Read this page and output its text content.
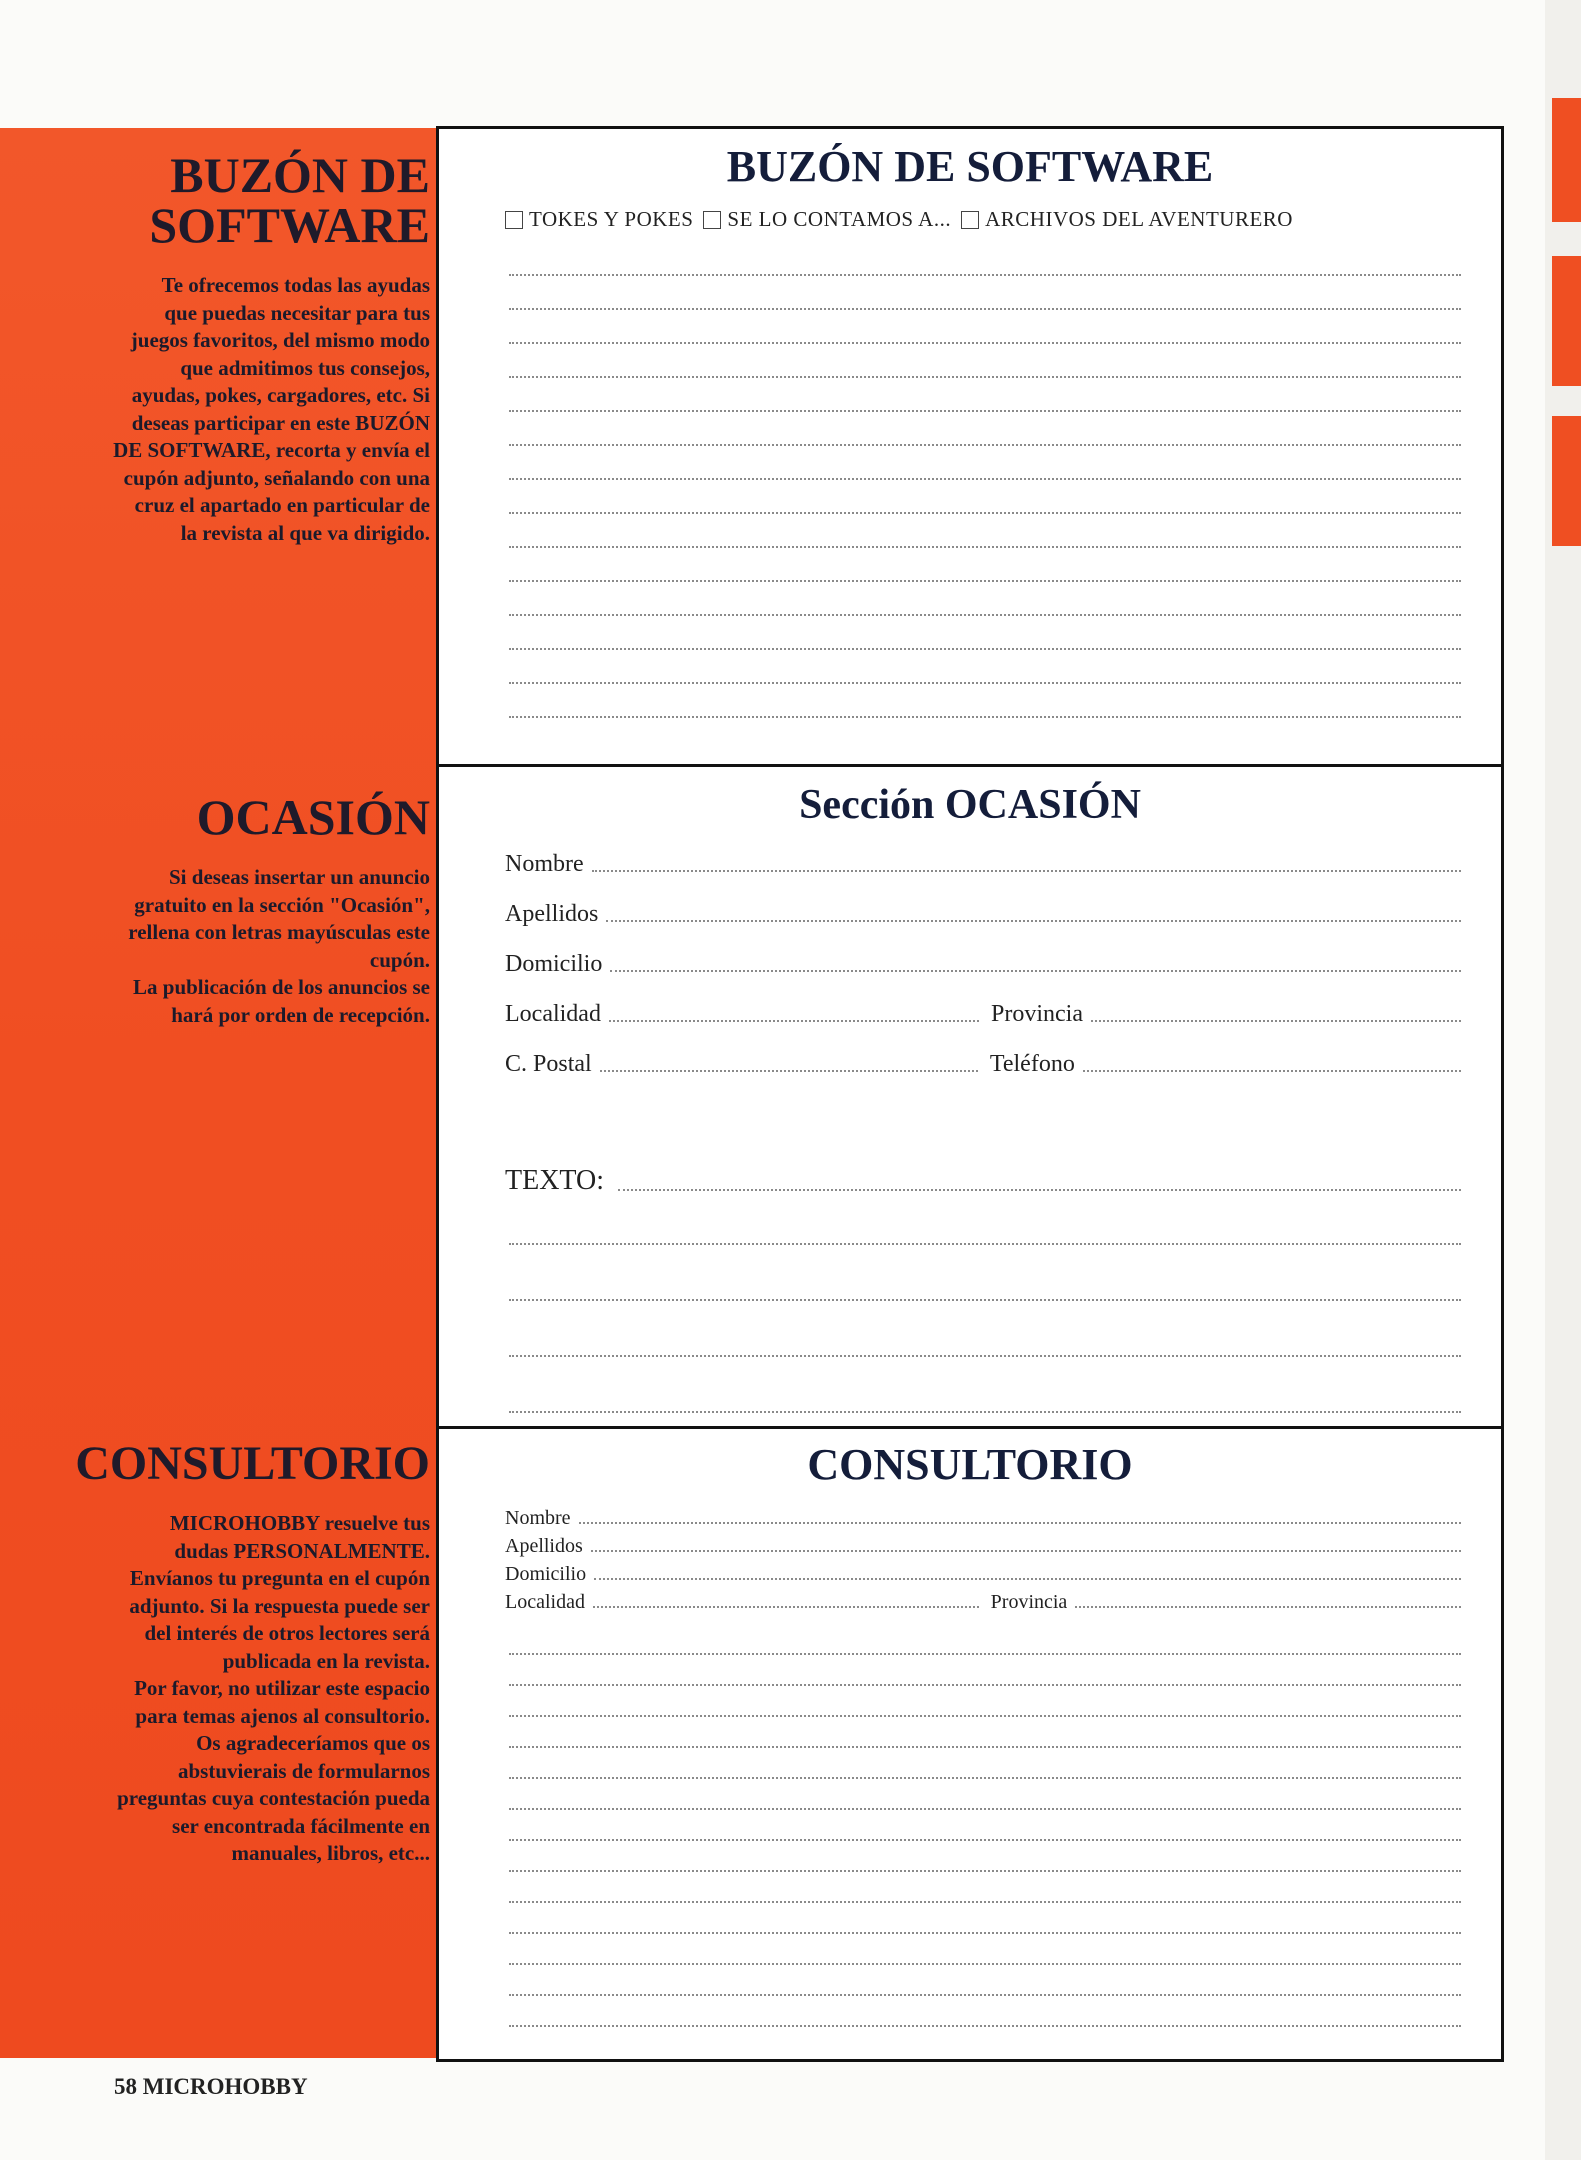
BUZÓN DE
SOFTWARE
Te ofrecemos todas las ayudas
que puedas necesitar para tus
juegos favoritos, del mismo modo
que admitimos tus consejos,
ayudas, pokes, cargadores, etc. Si
deseas participar en este BUZÓN
DE SOFTWARE, recorta y envía el
cupón adjunto, señalando con una
cruz el apartado en particular de
la revista al que va dirigido.
OCASIÓN
Si deseas insertar un anuncio
gratuito en la sección "Ocasión",
rellena con letras mayúsculas este
cupón.
La publicación de los anuncios se
hará por orden de recepción.
CONSULTORIO
MICROHOBBY resuelve tus
dudas PERSONALMENTE.
Envíanos tu pregunta en el cupón
adjunto. Si la respuesta puede ser
del interés de otros lectores será
publicada en la revista.
Por favor, no utilizar este espacio
para temas ajenos al consultorio.
Os agradeceríamos que os
abstuvierais de formularnos
preguntas cuya contestación pueda
ser encontrada fácilmente en
manuales, libros, etc...
BUZÓN DE SOFTWARE
TOKES Y POKES SE LO CONTAMOS A... ARCHIVOS DEL AVENTURERO
Sección OCASIÓN
Nombre
Apellidos
Domicilio
Localidad	Provincia
C. Postal	Teléfono
TEXTO:
CONSULTORIO
Nombre
Apellidos
Domicilio
Localidad	Provincia
58 MICROHOBBY
